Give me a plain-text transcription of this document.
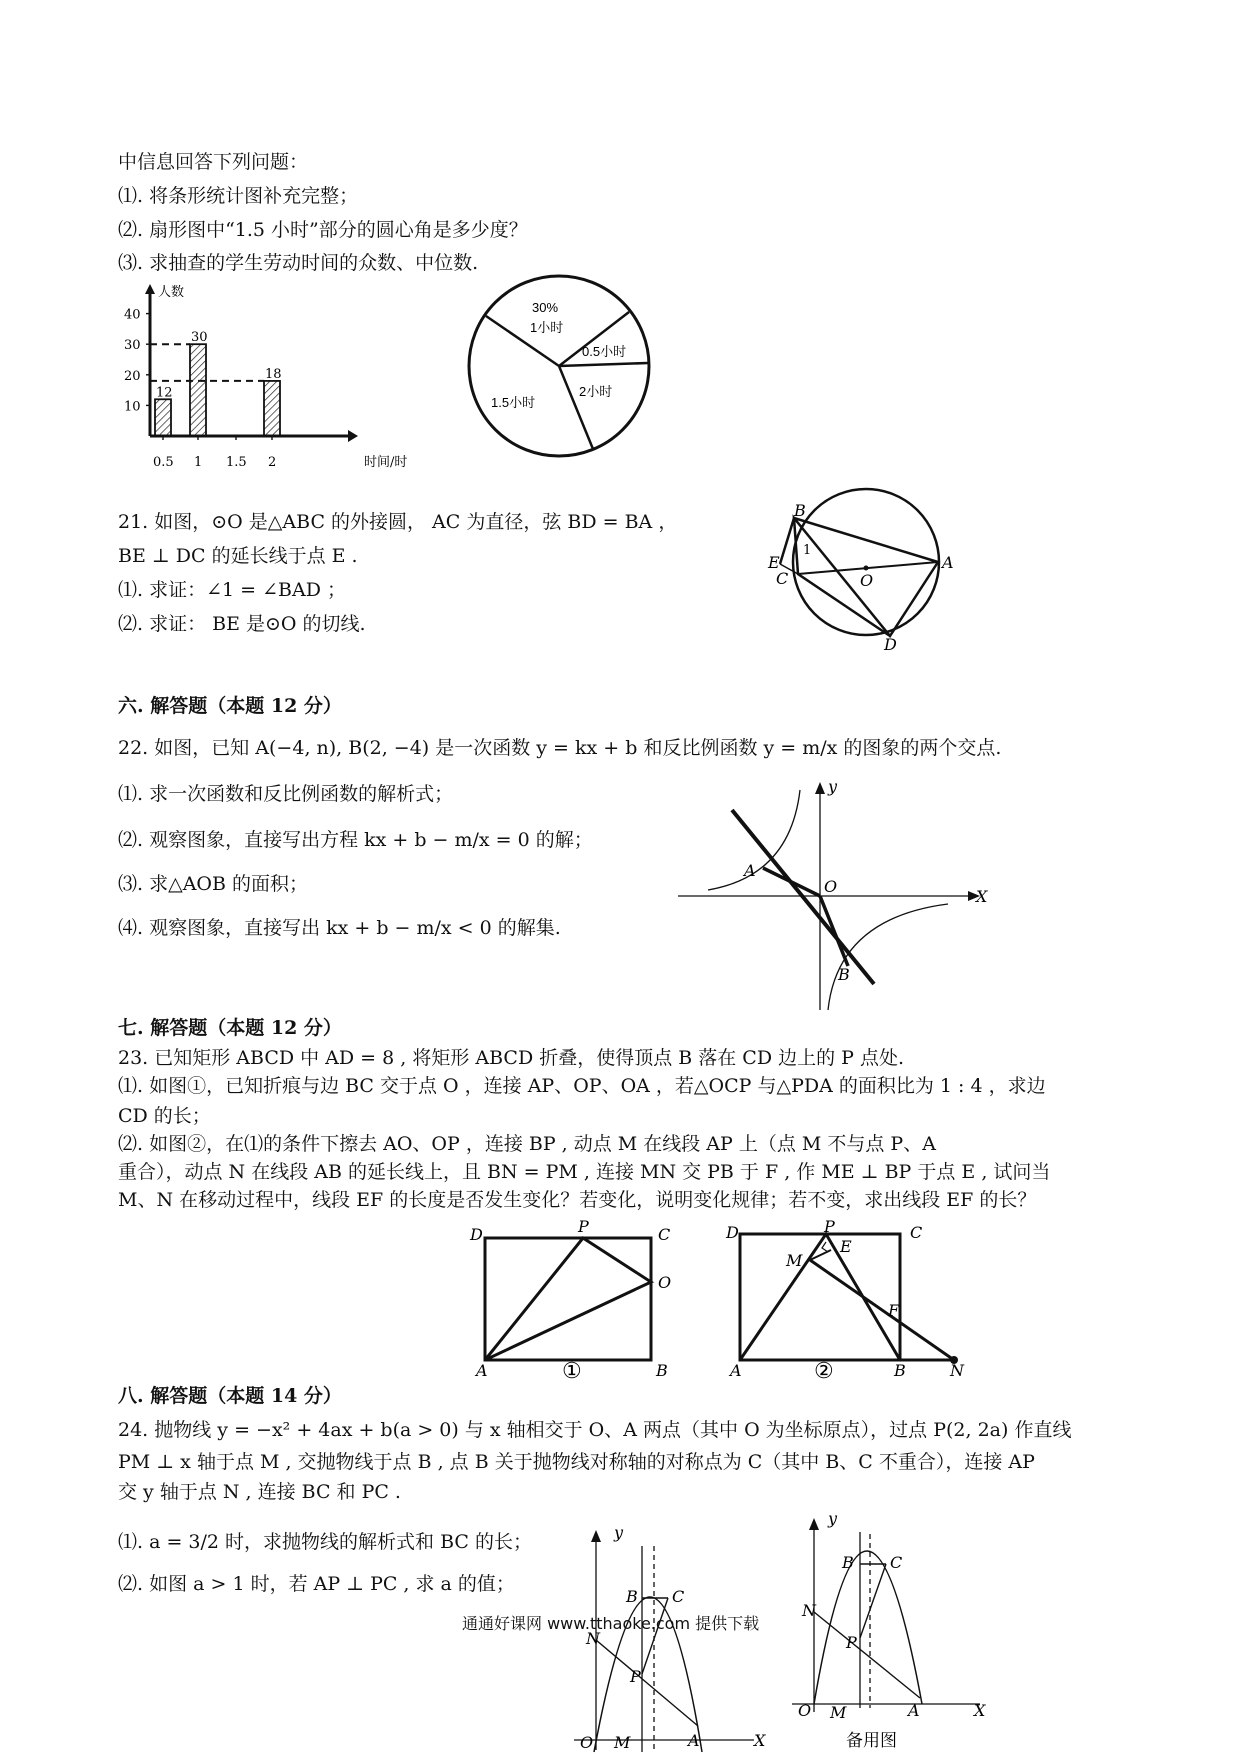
中信息回答下列问题：
⑴. 将条形统计图补充完整；
⑵. 扇形图中“1.5 小时”部分的圆心角是多少度？
⑶. 求抽查的学生劳动时间的众数、中位数.
人数
时间/时
10
20
30
40
0.5 1 1.5 2
12
30
18
30%
1小时
0.5小时
2小时
1.5小时
21. 如图，⊙O 是△ABC 的外接圆， AC 为直径，弦 BD = BA ，
BE ⊥ DC 的延长线于点 E .
⑴. 求证：∠1 = ∠BAD ；
⑵. 求证： BE 是⊙O 的切线.
B
E
C	O
A
D
1
六. 解答题（本题 12 分）
22. 如图，已知 A(−4, n), B(2, −4) 是一次函数 y = kx + b 和反比例函数 y = m/x 的图象的两个交点.
⑴. 求一次函数和反比例函数的解析式；
⑵. 观察图象，直接写出方程 kx + b − m/x = 0 的解；
⑶. 求△AOB 的面积；
⑷. 观察图象，直接写出 kx + b − m/x < 0 的解集.
y
X
A
O
B
七. 解答题（本题 12 分）
23. 已知矩形 ABCD 中 AD = 8 , 将矩形 ABCD 折叠，使得顶点 B 落在 CD 边上的 P 点处.
⑴. 如图①，已知折痕与边 BC 交于点 O ，连接 AP、OP、OA ，若△OCP 与△PDA 的面积比为 1 : 4 ，求边
CD 的长；
⑵. 如图②，在⑴的条件下擦去 AO、OP ，连接 BP , 动点 M 在线段 AP 上（点 M 不与点 P、A
重合），动点 N 在线段 AB 的延长线上，且 BN = PM , 连接 MN 交 PB 于 F , 作 ME ⊥ BP 于点 E , 试问当
M、N 在移动过程中，线段 EF 的长度是否发生变化？若变化，说明变化规律；若不变，求出线段 EF 的长？
D	P	C
O
A	B
①
D	P	C
E
M
F
A	B	N
②
八. 解答题（本题 14 分）
24. 抛物线 y = −x² + 4ax + b(a > 0) 与 x 轴相交于 O、A 两点（其中 O 为坐标原点），过点 P(2, 2a) 作直线
PM ⊥ x 轴于点 M , 交抛物线于点 B , 点 B 关于抛物线对称轴的对称点为 C（其中 B、C 不重合），连接 AP
交 y 轴于点 N , 连接 BC 和 PC .
⑴. a = 3/2 时，求抛物线的解析式和 BC 的长；
⑵. 如图 a > 1 时，若 AP ⊥ PC , 求 a 的值；
y
X
B C
N
P
O M	A
y
X
B C
N
P
O M	A
备用图
通通好课网 www.tthaoke.com 提供下载
